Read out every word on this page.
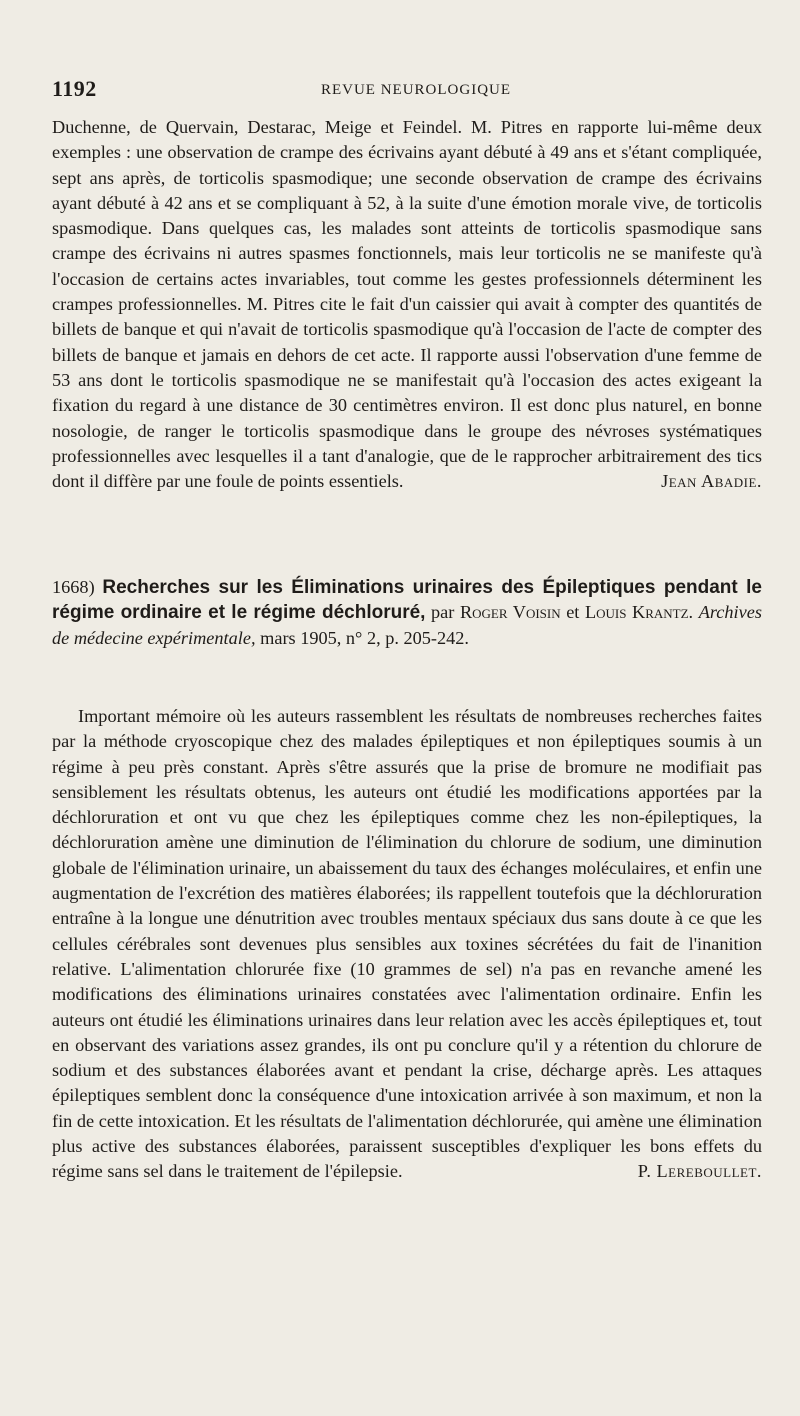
1192	REVUE NEUROLOGIQUE

Duchenne, de Quervain, Destarac, Meige et Feindel. M. Pitres en rapporte lui-même deux exemples : une observation de crampe des écrivains ayant débuté à 49 ans et s'étant compliquée, sept ans après, de torticolis spasmodique; une seconde observation de crampe des écrivains ayant débuté à 42 ans et se compliquant à 52, à la suite d'une émotion morale vive, de torticolis spasmodique. Dans quelques cas, les malades sont atteints de torticolis spasmodique sans crampe des écrivains ni autres spasmes fonctionnels, mais leur torticolis ne se manifeste qu'à l'occasion de certains actes invariables, tout comme les gestes professionnels déterminent les crampes professionnelles. M. Pitres cite le fait d'un caissier qui avait à compter des quantités de billets de banque et qui n'avait de torticolis spasmodique qu'à l'occasion de l'acte de compter des billets de banque et jamais en dehors de cet acte. Il rapporte aussi l'observation d'une femme de 53 ans dont le torticolis spasmodique ne se manifestait qu'à l'occasion des actes exigeant la fixation du regard à une distance de 30 centimètres environ. Il est donc plus naturel, en bonne nosologie, de ranger le torticolis spasmodique dans le groupe des névroses systématiques professionnelles avec lesquelles il a tant d'analogie, que de le rapprocher arbitrairement des tics dont il diffère par une foule de points essentiels.	Jean Abadie.

1668) Recherches sur les Éliminations urinaires des Épileptiques pendant le régime ordinaire et le régime déchloruré, par Roger Voisin et Louis Krantz. Archives de médecine expérimentale, mars 1905, n° 2, p. 205-242.

Important mémoire où les auteurs rassemblent les résultats de nombreuses recherches faites par la méthode cryoscopique chez des malades épileptiques et non épileptiques soumis à un régime à peu près constant. Après s'être assurés que la prise de bromure ne modifiait pas sensiblement les résultats obtenus, les auteurs ont étudié les modifications apportées par la déchloruration et ont vu que chez les épileptiques comme chez les non-épileptiques, la déchloruration amène une diminution de l'élimination du chlorure de sodium, une diminution globale de l'élimination urinaire, un abaissement du taux des échanges moléculaires, et enfin une augmentation de l'excrétion des matières élaborées; ils rappellent toutefois que la déchloruration entraîne à la longue une dénutrition avec troubles mentaux spéciaux dus sans doute à ce que les cellules cérébrales sont devenues plus sensibles aux toxines sécrétées du fait de l'inanition relative. L'alimentation chlorurée fixe (10 grammes de sel) n'a pas en revanche amené les modifications des éliminations urinaires constatées avec l'alimentation ordinaire. Enfin les auteurs ont étudié les éliminations urinaires dans leur relation avec les accès épileptiques et, tout en observant des variations assez grandes, ils ont pu conclure qu'il y a rétention du chlorure de sodium et des substances élaborées avant et pendant la crise, décharge après. Les attaques épileptiques semblent donc la conséquence d'une intoxication arrivée à son maximum, et non la fin de cette intoxication. Et les résultats de l'alimentation déchlorurée, qui amène une élimination plus active des substances élaborées, paraissent susceptibles d'expliquer les bons effets du régime sans sel dans le traitement de l'épilepsie.	P. Lereboullet.
